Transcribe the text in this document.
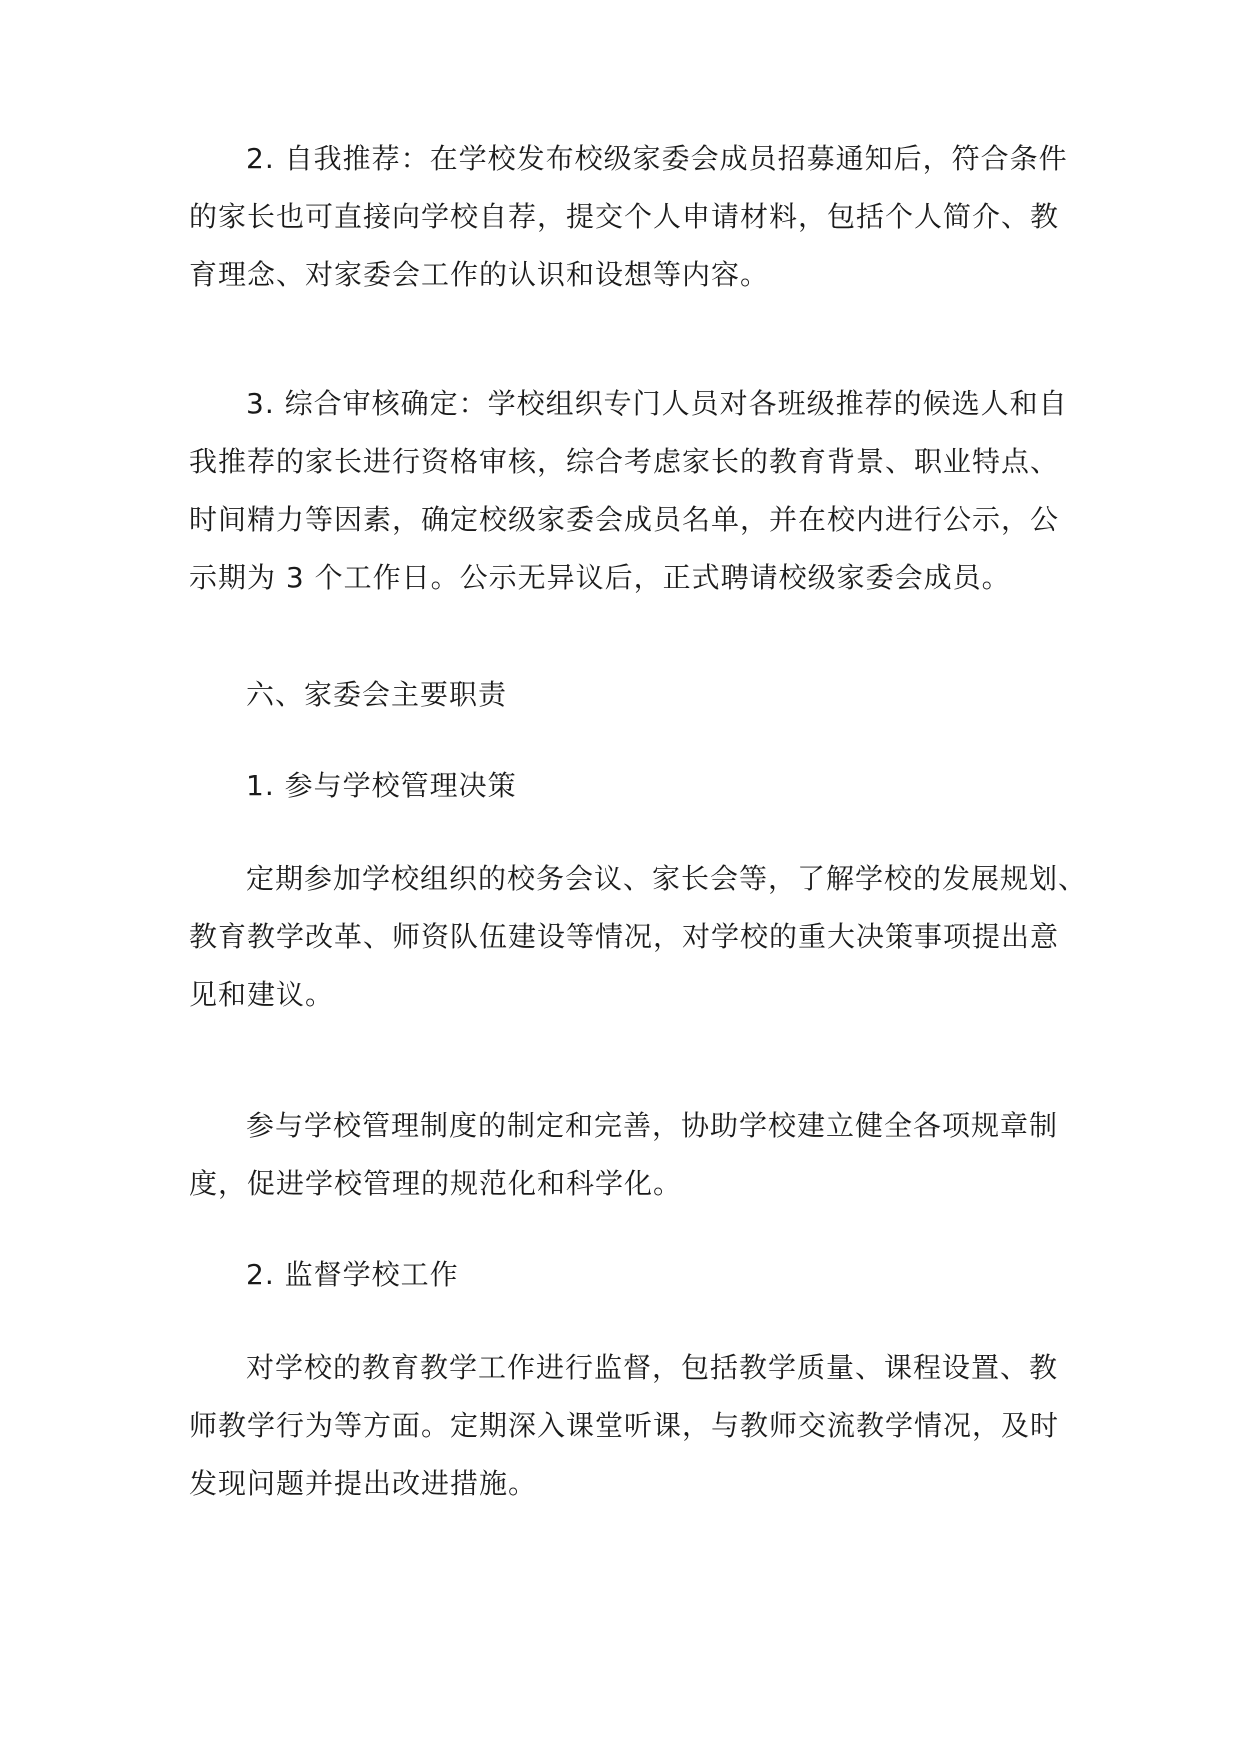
2. 自我推荐：在学校发布校级家委会成员招募通知后，符合条件
的家长也可直接向学校自荐，提交个人申请材料，包括个人简介、教
育理念、对家委会工作的认识和设想等内容。
3. 综合审核确定：学校组织专门人员对各班级推荐的候选人和自
我推荐的家长进行资格审核，综合考虑家长的教育背景、职业特点、
时间精力等因素，确定校级家委会成员名单，并在校内进行公示，公
示期为 3 个工作日。公示无异议后，正式聘请校级家委会成员。
六、家委会主要职责
1. 参与学校管理决策
定期参加学校组织的校务会议、家长会等，了解学校的发展规划、
教育教学改革、师资队伍建设等情况，对学校的重大决策事项提出意
见和建议。
参与学校管理制度的制定和完善，协助学校建立健全各项规章制
度，促进学校管理的规范化和科学化。
2. 监督学校工作
对学校的教育教学工作进行监督，包括教学质量、课程设置、教
师教学行为等方面。定期深入课堂听课，与教师交流教学情况，及时
发现问题并提出改进措施。
